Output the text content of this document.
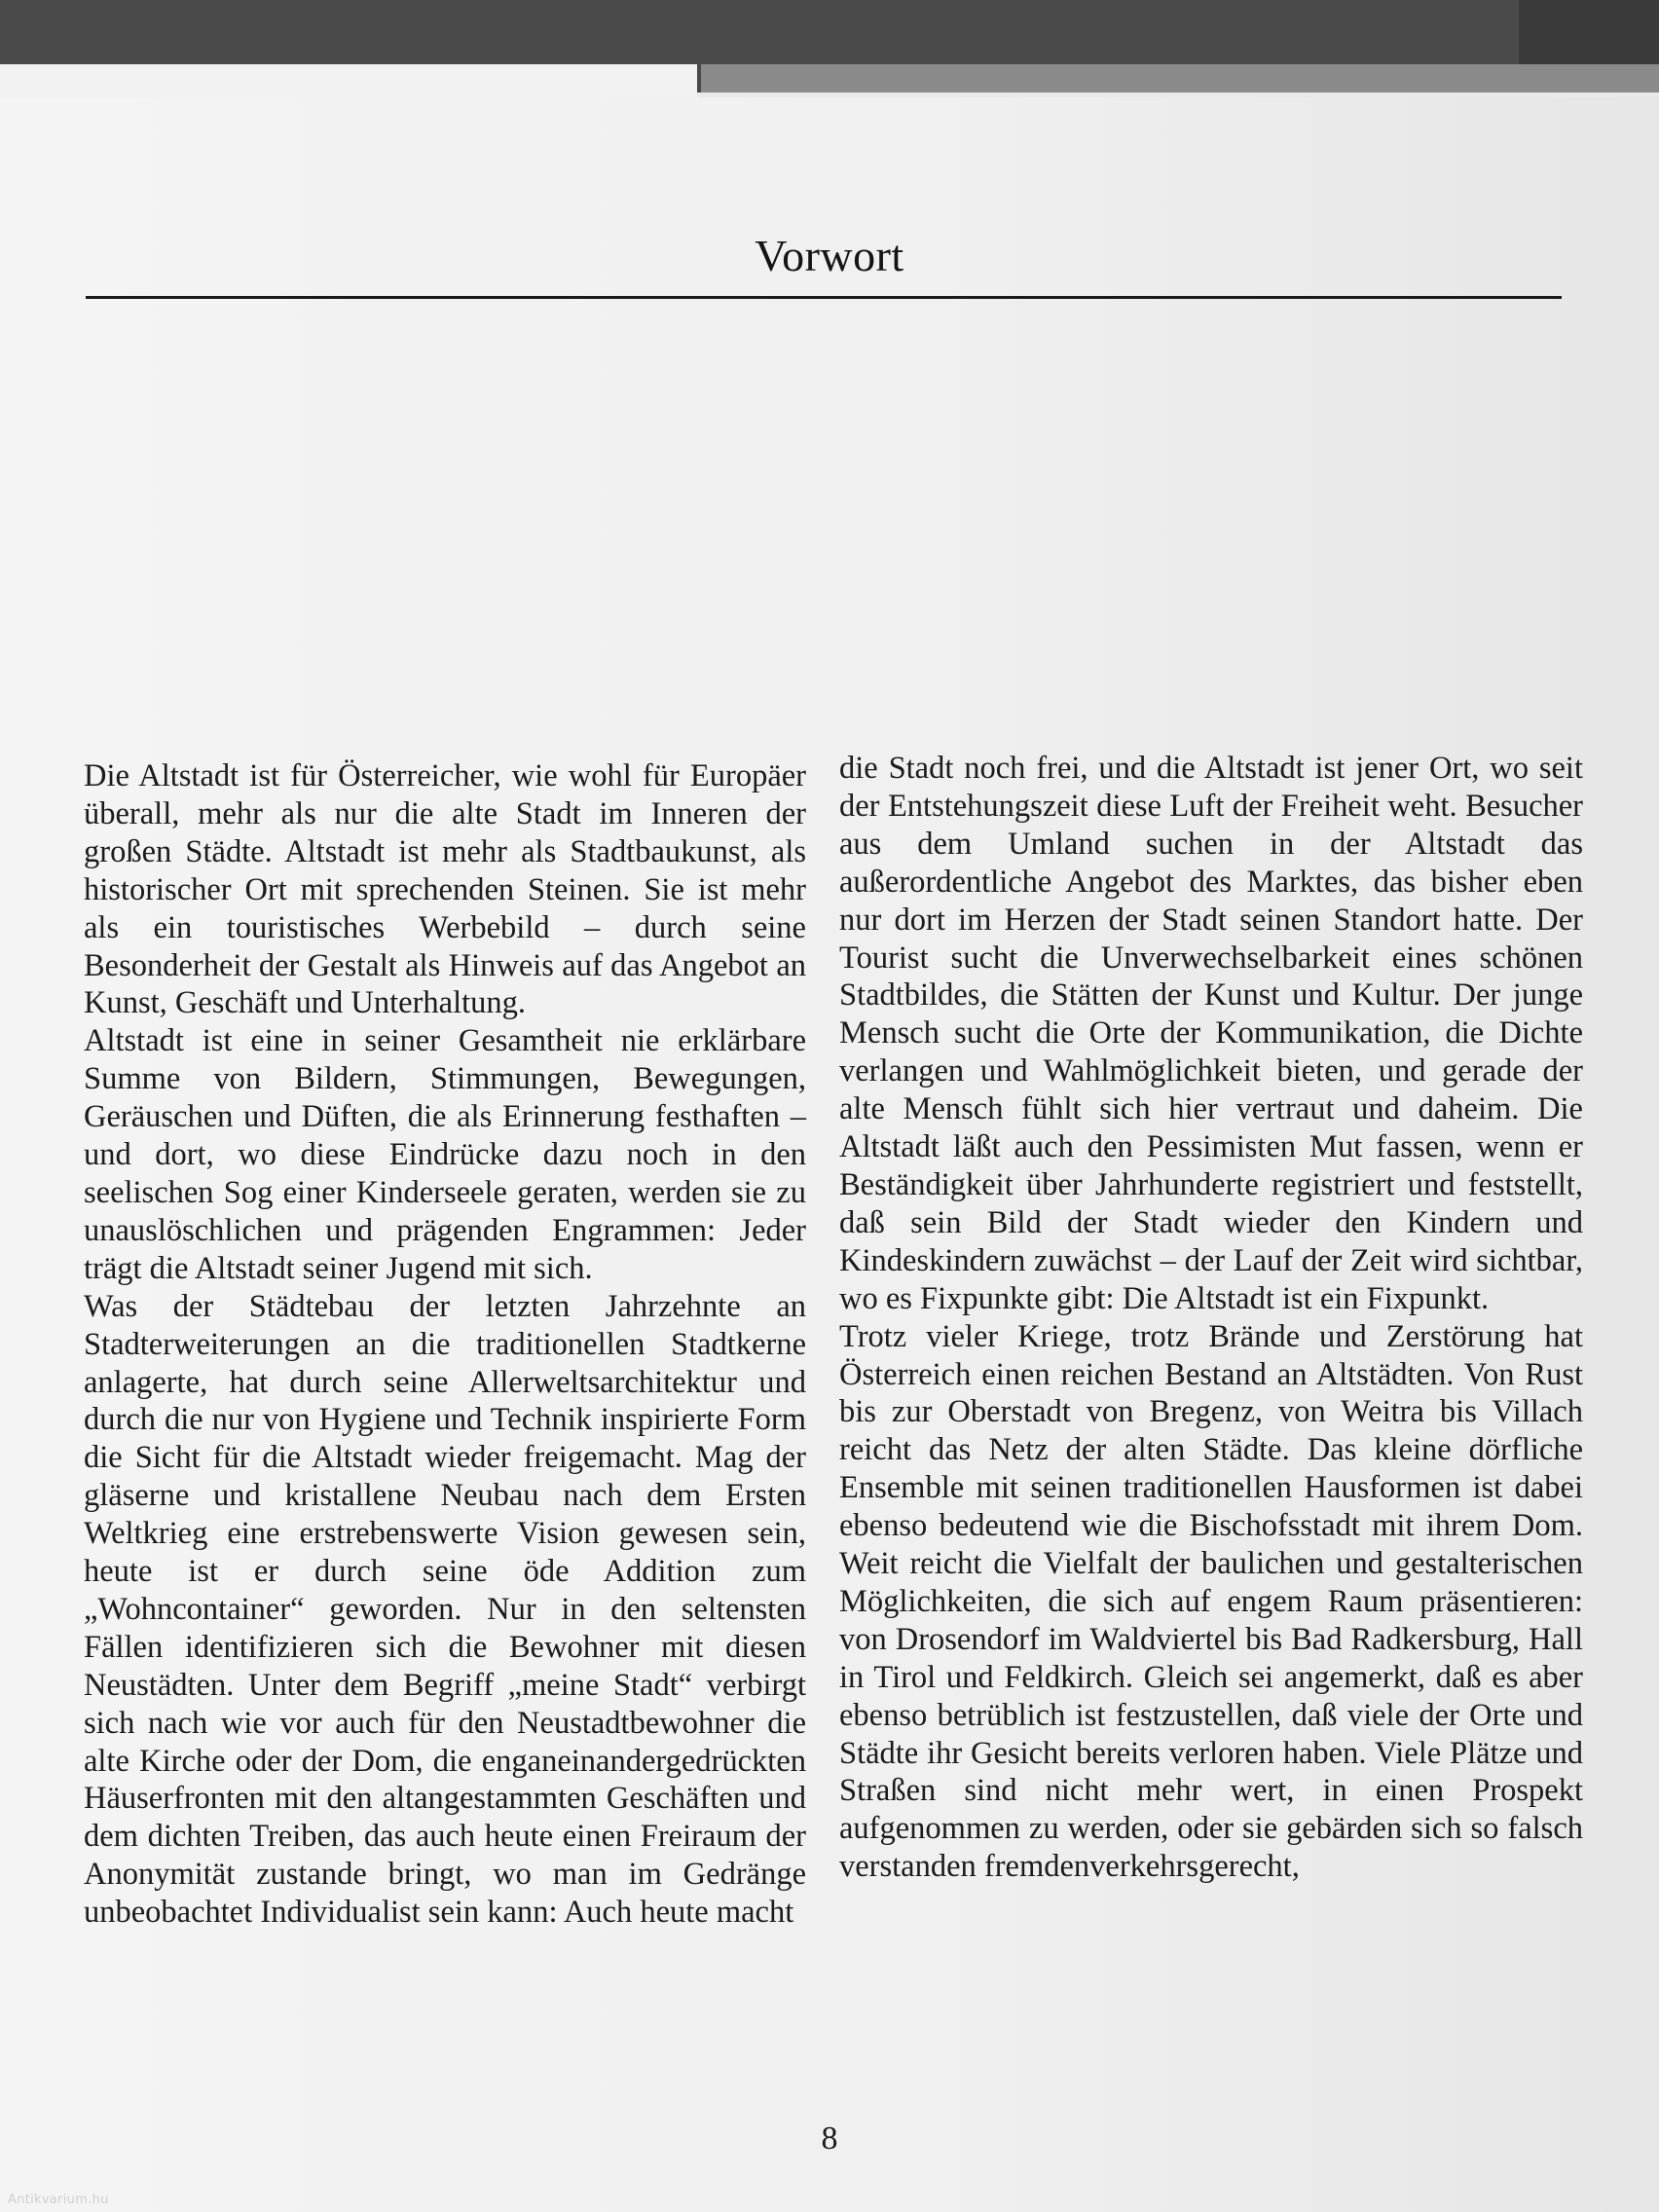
Vorwort

Die Altstadt ist für Österreicher, wie wohl für Europäer überall, mehr als nur die alte Stadt im Inneren der großen Städte. Altstadt ist mehr als Stadtbaukunst, als historischer Ort mit sprechenden Steinen. Sie ist mehr als ein touristisches Werbebild – durch seine Besonderheit der Gestalt als Hinweis auf das Angebot an Kunst, Geschäft und Unterhaltung.

Altstadt ist eine in seiner Gesamtheit nie erklärbare Summe von Bildern, Stimmungen, Bewegungen, Geräuschen und Düften, die als Erinnerung festhaften – und dort, wo diese Eindrücke dazu noch in den seelischen Sog einer Kinderseele geraten, werden sie zu unauslöschlichen und prägenden Engrammen: Jeder trägt die Altstadt seiner Jugend mit sich.

Was der Städtebau der letzten Jahrzehnte an Stadterweiterungen an die traditionellen Stadtkerne anlagerte, hat durch seine Allerweltsarchitektur und durch die nur von Hygiene und Technik inspirierte Form die Sicht für die Altstadt wieder freigemacht. Mag der gläserne und kristallene Neubau nach dem Ersten Weltkrieg eine erstrebenswerte Vision gewesen sein, heute ist er durch seine öde Addition zum „Wohncontainer“ geworden. Nur in den seltensten Fällen identifizieren sich die Bewohner mit diesen Neustädten. Unter dem Begriff „meine Stadt“ verbirgt sich nach wie vor auch für den Neustadtbewohner die alte Kirche oder der Dom, die enganeinandergedrückten Häuserfronten mit den altangestammten Geschäften und dem dichten Treiben, das auch heute einen Freiraum der Anonymität zustande bringt, wo man im Gedränge unbeobachtet Individualist sein kann: Auch heute macht

die Stadt noch frei, und die Altstadt ist jener Ort, wo seit der Entstehungszeit diese Luft der Freiheit weht. Besucher aus dem Umland suchen in der Altstadt das außerordentliche Angebot des Marktes, das bisher eben nur dort im Herzen der Stadt seinen Standort hatte. Der Tourist sucht die Unverwechselbarkeit eines schönen Stadtbildes, die Stätten der Kunst und Kultur. Der junge Mensch sucht die Orte der Kommunikation, die Dichte verlangen und Wahlmöglichkeit bieten, und gerade der alte Mensch fühlt sich hier vertraut und daheim. Die Altstadt läßt auch den Pessimisten Mut fassen, wenn er Beständigkeit über Jahrhunderte registriert und feststellt, daß sein Bild der Stadt wieder den Kindern und Kindeskindern zuwächst – der Lauf der Zeit wird sichtbar, wo es Fixpunkte gibt: Die Altstadt ist ein Fixpunkt.

Trotz vieler Kriege, trotz Brände und Zerstörung hat Österreich einen reichen Bestand an Altstädten. Von Rust bis zur Oberstadt von Bregenz, von Weitra bis Villach reicht das Netz der alten Städte. Das kleine dörfliche Ensemble mit seinen traditionellen Hausformen ist dabei ebenso bedeutend wie die Bischofsstadt mit ihrem Dom. Weit reicht die Vielfalt der baulichen und gestalterischen Möglichkeiten, die sich auf engem Raum präsentieren: von Drosendorf im Waldviertel bis Bad Radkersburg, Hall in Tirol und Feldkirch. Gleich sei angemerkt, daß es aber ebenso betrüblich ist festzustellen, daß viele der Orte und Städte ihr Gesicht bereits verloren haben. Viele Plätze und Straßen sind nicht mehr wert, in einen Prospekt aufgenommen zu werden, oder sie gebärden sich so falsch verstanden fremdenverkehrsgerecht,

8
Antikvarium.hu
